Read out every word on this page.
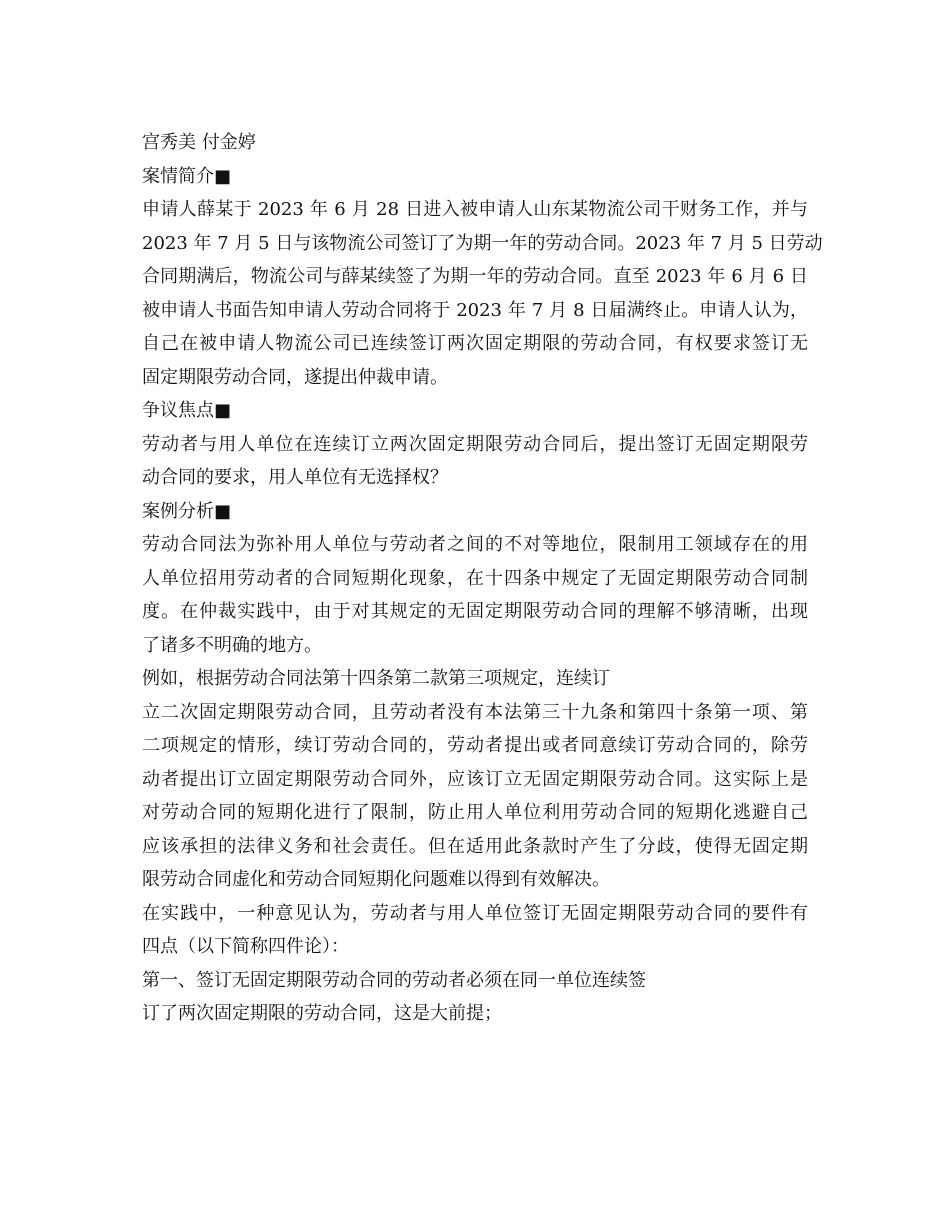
宫秀美 付金婷
案情简介■
申请人薛某于 2023 年 6 月 28 日进入被申请人山东某物流公司干财务工作，并与
2023 年 7 月 5 日与该物流公司签订了为期一年的劳动合同。2023 年 7 月 5 日劳动
合同期满后，物流公司与薛某续签了为期一年的劳动合同。直至 2023 年 6 月 6 日
被申请人书面告知申请人劳动合同将于 2023 年 7 月 8 日届满终止。申请人认为，
自己在被申请人物流公司已连续签订两次固定期限的劳动合同，有权要求签订无
固定期限劳动合同，遂提出仲裁申请。
争议焦点■
劳动者与用人单位在连续订立两次固定期限劳动合同后，提出签订无固定期限劳
动合同的要求，用人单位有无选择权？
案例分析■
劳动合同法为弥补用人单位与劳动者之间的不对等地位，限制用工领域存在的用
人单位招用劳动者的合同短期化现象，在十四条中规定了无固定期限劳动合同制
度。在仲裁实践中，由于对其规定的无固定期限劳动合同的理解不够清晰，出现
了诸多不明确的地方。
例如，根据劳动合同法第十四条第二款第三项规定，连续订
立二次固定期限劳动合同，且劳动者没有本法第三十九条和第四十条第一项、第
二项规定的情形，续订劳动合同的，劳动者提出或者同意续订劳动合同的，除劳
动者提出订立固定期限劳动合同外，应该订立无固定期限劳动合同。这实际上是
对劳动合同的短期化进行了限制，防止用人单位利用劳动合同的短期化逃避自己
应该承担的法律义务和社会责任。但在适用此条款时产生了分歧，使得无固定期
限劳动合同虚化和劳动合同短期化问题难以得到有效解决。
在实践中，一种意见认为，劳动者与用人单位签订无固定期限劳动合同的要件有
四点（以下简称四件论）：
第一、签订无固定期限劳动合同的劳动者必须在同一单位连续签
订了两次固定期限的劳动合同，这是大前提；
